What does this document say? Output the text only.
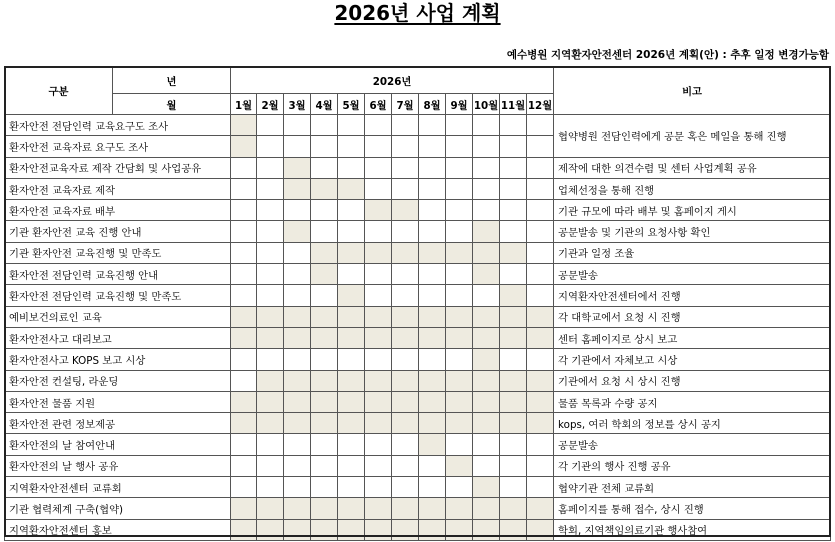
2026년 사업 계획
예수병원 지역환자안전센터 2026년 계획(안) : 추후 일정 변경가능함
구분	년	2026년												비고
	월	1월	2월	3월	4월	5월	6월	7월	8월	9월	10월	11월	12월	
환자안전 전담인력 교육요구도 조사														협약병원 전담인력에게 공문 혹은 메일을 통해 진행
환자안전 교육자료 요구도 조사														
환자안전교육자료 제작 간담회 및 사업공유														제작에 대한 의견수렴 및 센터 사업계획 공유
환자안전 교육자료 제작														업체선정을 통해 진행
환자안전 교육자료 배부														기관 규모에 따라 배부 및 홈페이지 게시
기관 환자안전 교육 진행 안내														공문발송 및 기관의 요청사항 확인
기관 환자안전 교육진행 및 만족도														기관과 일정 조율
환자안전 전담인력 교육진행 안내														공문발송
환자안전 전담인력 교육진행 및 만족도														지역환자안전센터에서 진행
예비보건의료인 교육														각 대학교에서 요청 시 진행
환자안전사고 대리보고														센터 홈페이지로 상시 보고
환자안전사고 KOPS 보고 시상														각 기관에서 자체보고 시상
환자안전 컨설팅, 라운딩														기관에서 요청 시 상시 진행
환자안전 물품 지원														물품 목록과 수량 공지
환자안전 관련 정보제공														kops, 여러 학회의 정보를 상시 공지
환자안전의 날 참여안내														공문발송
환자안전의 날 행사 공유														각 기관의 행사 진행 공유
지역환자안전센터 교류회														협약기관 전체 교류회
기관 협력체계 구축(협약)														홈페이지를 통해 접수, 상시 진행
지역환자안전센터 홍보														학회, 지역책임의료기관 행사참여
